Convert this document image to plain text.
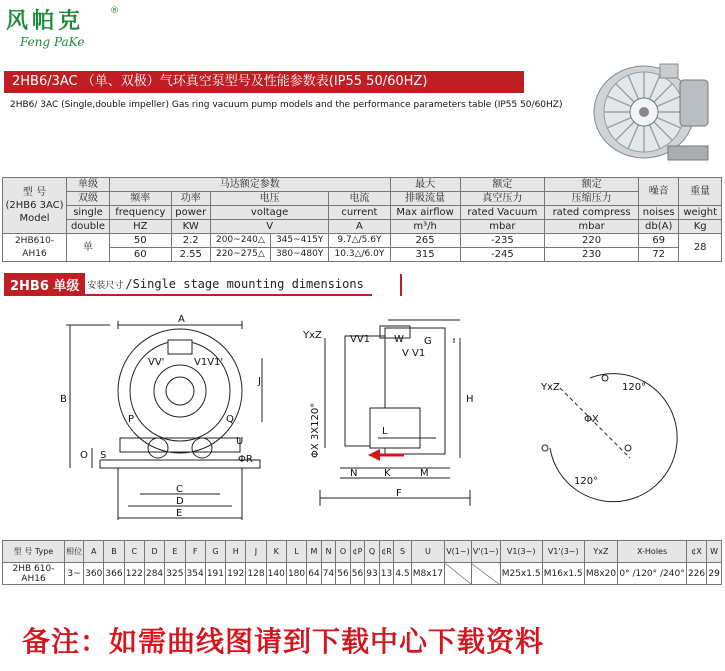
风帕克	®
Feng PaKe
2HB6/3AC （单、双极）气环真空泵型号及性能参数表(IP55 50/60HZ)
2HB6/ 3AC (Single,double impeller) Gas ring vacuum pump models and the performance parameters table (IP55 50/60HZ)
型 号
(2HB6 3AC)
Model	单级	马达额定参数					最大	额定	额定	噪音	重量
	双级	频率	功率	电压		电流	排吸流量	真空压力	压缩压力		
	single	frequency	power	voltage		current	Max airflow	rated Vacuum	rated compress	noises	weight
	double	HZ	KW	V		A	m³/h	mbar	mbar	db(A)	Kg
2HB610-AH16	单	50	2.2	200~240△	345~415Y	9.7△/5.6Y	265	-235	220	69	28
		60	2.55	220~275△	380~480Y	10.3△/6.0Y	315	-245	230	72	
2HB6 单级 安装尺寸 /Single stage mounting dimensions
A
B
C
D
E
F
G
H
J
K
L
M
N
O
P	Q
ΦR
S
U
VV'	V1V1'
VV1 W
V V1
YxZ
YxZ
ΦX
ΦX 3X120°
120°
120°
型 号 Type	相位	A	B	C	D	E	F	G	H	J	K	L	M	N	O	¢P	Q	¢R	S	U	V(1~)	V'(1~)	V1(3~)	V1'(3~)	YxZ	X-Holes	¢X	W
2HB 610-AH16	3~	360	366	122	284	325	354	191	192	128	140	180	64	74	56	56	93	13	4.5	M8x17			M25x1.5	M16x1.5	M8x20	0° /120° /240°	226	29
备注：如需曲线图请到下载中心下载资料
